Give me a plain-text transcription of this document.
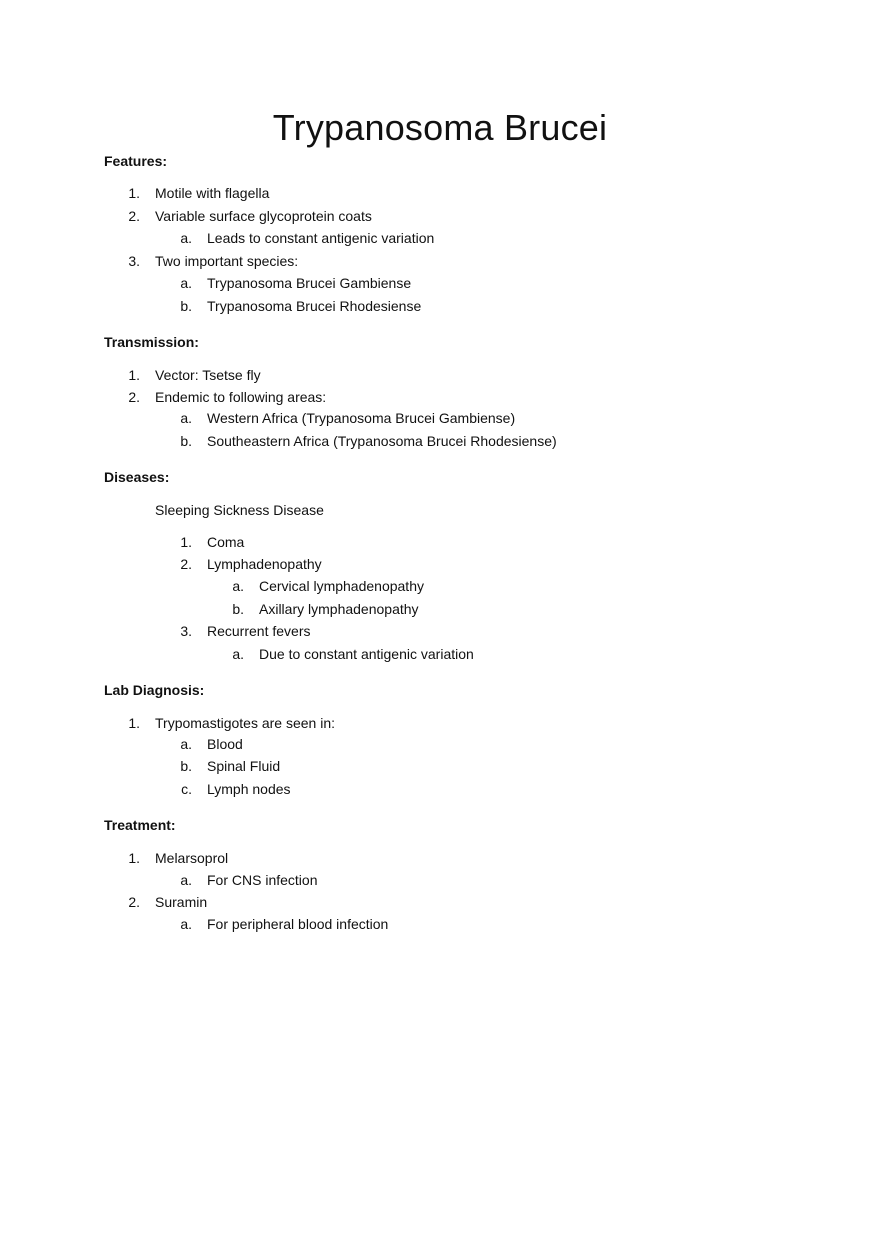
Trypanosoma Brucei
Features:
1. Motile with flagella
2. Variable surface glycoprotein coats
a. Leads to constant antigenic variation
3. Two important species:
a. Trypanosoma Brucei Gambiense
b. Trypanosoma Brucei Rhodesiense
Transmission:
1. Vector: Tsetse fly
2. Endemic to following areas:
a. Western Africa (Trypanosoma Brucei Gambiense)
b. Southeastern Africa (Trypanosoma Brucei Rhodesiense)
Diseases:
Sleeping Sickness Disease
1. Coma
2. Lymphadenopathy
a. Cervical lymphadenopathy
b. Axillary lymphadenopathy
3. Recurrent fevers
a. Due to constant antigenic variation
Lab Diagnosis:
1. Trypomastigotes are seen in:
a. Blood
b. Spinal Fluid
c. Lymph nodes
Treatment:
1. Melarsoprol
a. For CNS infection
2. Suramin
a. For peripheral blood infection
